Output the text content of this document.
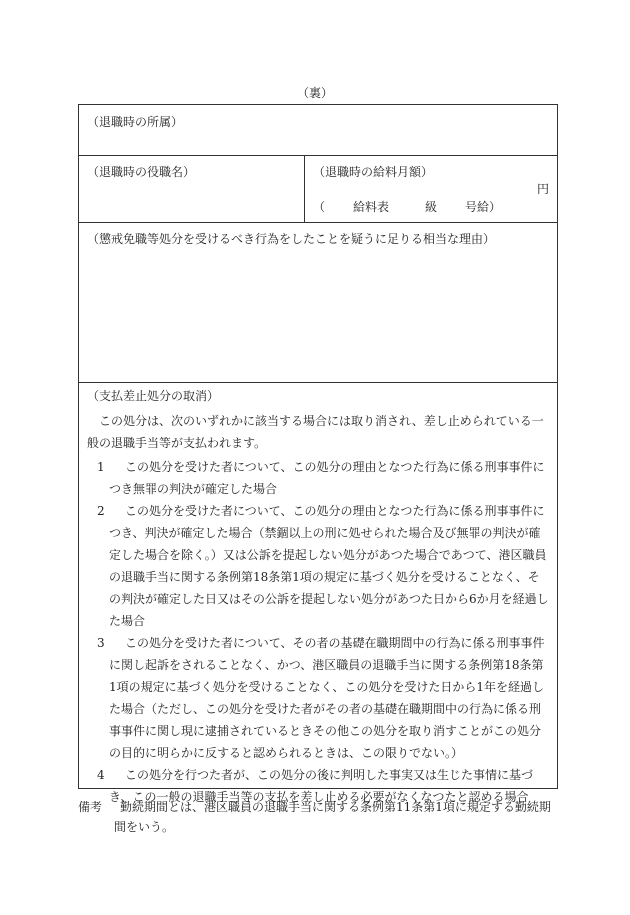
（裏）
（退職時の所属）
（退職時の役職名）	（退職時の給料月額）
円
（ 給料表	級 号給）
（懲戒免職等処分を受けるべき行為をしたことを疑うに足りる相当な理由）
（支払差止処分の取消）

この処分は、次のいずれかに該当する場合には取り消され、差し止められている一般の退職手当等が支払われます。

1	この処分を受けた者について、この処分の理由となつた行為に係る刑事事件につき無罪の判決が確定した場合
2	この処分を受けた者について、この処分の理由となつた行為に係る刑事事件につき、判決が確定した場合（禁錮以上の刑に処せられた場合及び無罪の判決が確定した場合を除く。）又は公訴を提起しない処分があつた場合であつて、港区職員の退職手当に関する条例第18条第1項の規定に基づく処分を受けることなく、その判決が確定した日又はその公訴を提起しない処分があつた日から6か月を経過した場合
3	この処分を受けた者について、その者の基礎在職期間中の行為に係る刑事事件に関し起訴をされることなく、かつ、港区職員の退職手当に関する条例第18条第1項の規定に基づく処分を受けることなく、この処分を受けた日から1年を経過した場合（ただし、この処分を受けた者がその者の基礎在職期間中の行為に係る刑事事件に関し現に逮捕されているときその他この処分を取り消すことがこの処分の目的に明らかに反すると認められるときは、この限りでない。）
4	この処分を行つた者が、この処分の後に判明した事実又は生じた事情に基づき、この一般の退職手当等の支払を差し止める必要がなくなつたと認める場合
備考	勤続期間とは、港区職員の退職手当に関する条例第11条第1項に規定する勤続期間をいう。
